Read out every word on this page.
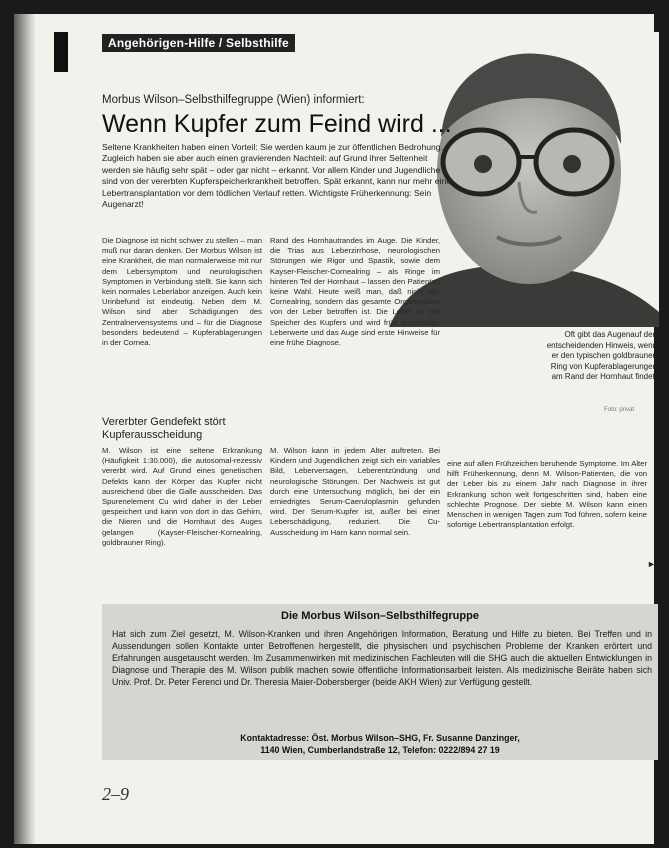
Angehörigen-Hilfe / Selbsthilfe
Morbus Wilson–Selbsthilfegruppe (Wien) informiert:
Wenn Kupfer zum Feind wird ...
Seltene Krankheiten haben einen Vorteil: Sie werden kaum je zur öffentlichen Bedrohung. Zugleich haben sie aber auch einen gravierenden Nachteil: auf Grund ihrer Seltenheit werden sie häufig sehr spät – oder gar nicht – erkannt. Vor allem Kinder und Jugendliche sind von der vererbten Kupferspeicherkrankheit betroffen. Spät erkannt, kann nur mehr eine Lebertransplantation vor dem tödlichen Verlauf retten. Wichtigste Früherkennung: Sein Augenarzt!

Die Diagnose ist nicht schwer zu stellen – man muß nur daran denken. Der Morbus Wilson ist eine Krankheit, die man normalerweise mit nur dem Lebersymptom und neurologischen Symptomen in Verbindung stellt. Sie kann sich kein normales Leberlabor anzeigen. Auch kein Urinbefund ist eindeutig. Neben dem M. Wilson sind aber Schädigungen des Zentralnervensystems und – für die Diagnose besonders bedeutend – Kupferablagerungen in der Cornea.

Vererbter Gendefekt stört Kupferausscheidung

M. Wilson ist eine seltene Erkrankung (Häufigkeit 1:30.000), die autosomal-rezessiv vererbt wird. Auf Grund eines genetischen Defekts kann der Körper das Kupfer nicht ausreichend über die Galle ausscheiden. Das Spurenelement Cu wird daher in der Leber gespeichert und kann von dort in das Gehirn, die Nieren und die Hornhaut des Auges gelangen (Kayser-Fleischer-Kornealring, goldbrauner Ring).

Rand des Hornhautrandes im Auge. Die Kinder, die Trias aus Leberzirrhose, neurologischen Störungen wie Rigor und Spastik, sowie dem Kayser-Fleischer-Cornealring – als Ringe im hinteren Teil der Hornhaut – lassen den Patienten keine Wahl. Heute weiß man, daß nicht der Cornealring, sondern das gesamte Organsystem von der Leber betroffen ist. Die Leber ist der Speicher des Kupfers und wird früh geschädigt. Leberwerte und das Auge sind erste Hinweise für eine frühe Diagnose.

M. Wilson kann in jedem Alter auftreten. Bei Kindern und Jugendlichen zeigt sich ein variables Bild, Leberversagen, Leberentzündung und neurologische Störungen. Der Nachweis ist gut durch eine Untersuchung möglich, bei der ein erniedrigtes Serum-Caeruloplasmin gefunden wird. Der Serum-Kupfer ist, außer bei einer Leberschädigung, reduziert. Die Cu-Ausscheidung im Harn kann normal sein.

eine auf allen Frühzeichen beruhende Symptome. Im Alter hilft Früherkennung, denn M. Wilson-Patienten, die von der Leber bis zu einem Jahr nach Diagnose in ihrer Erkrankung schon weit fortgeschritten sind, haben eine schlechte Prognose. Der siebte M. Wilson kann einen Menschen in wenigen Tagen zum Tod führen, sofern keine sofortige Lebertransplantation erfolgt.

►
Oft gibt das Augenauf den entscheidenden Hinweis, wenn er den typischen goldbraunen Ring von Kupferablagerungen am Rand der Hornhaut findet.
Foto: privat
Die Morbus Wilson–Selbsthilfegruppe
Hat sich zum Ziel gesetzt, M. Wilson-Kranken und ihren Angehörigen Information, Beratung und Hilfe zu bieten. Bei Treffen und in Aussendungen sollen Kontakte unter Betroffenen hergestellt, die physischen und psychischen Probleme der Kranken erörtert und Erfahrungen ausgetauscht werden. Im Zusammenwirken mit medizinischen Fachleuten will die SHG auch die aktuellen Entwicklungen in Diagnose und Therapie des M. Wilson publik machen sowie öffentliche Informationsarbeit leisten. Als medizinische Beiräte haben sich Univ. Prof. Dr. Peter Ferenci und Dr. Theresia Maier-Dobersberger (beide AKH Wien) zur Verfügung gestellt.
Kontaktadresse: Öst. Morbus Wilson–SHG, Fr. Susanne Danzinger,
1140 Wien, Cumberlandstraße 12, Telefon: 0222/894 27 19
2–9
